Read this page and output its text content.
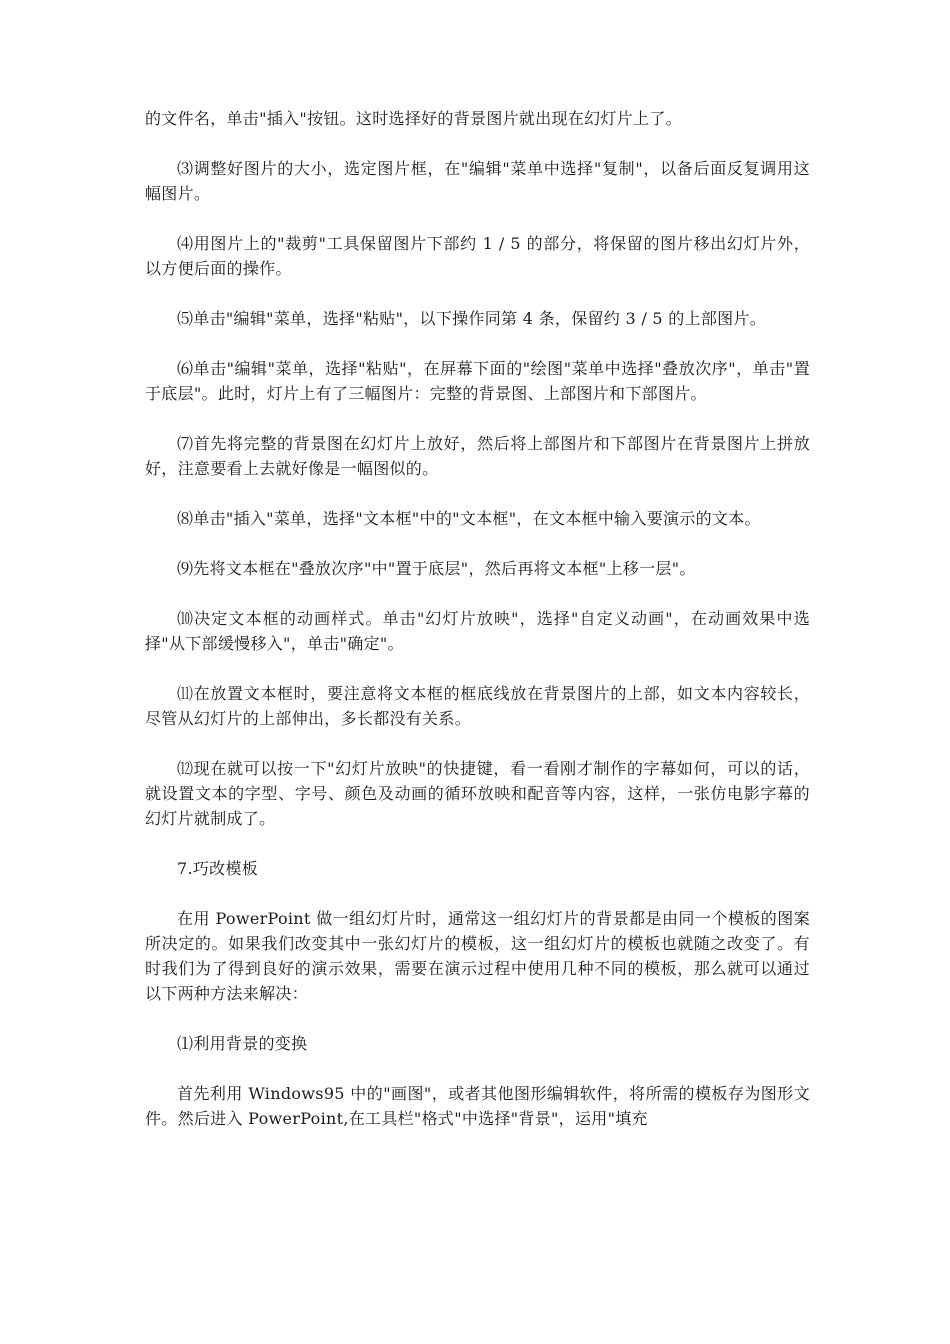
的文件名，单击"插入"按钮。这时选择好的背景图片就出现在幻灯片上了。

⑶调整好图片的大小，选定图片框，在"编辑"菜单中选择"复制"，以备后面反复调用这幅图片。

⑷用图片上的"裁剪"工具保留图片下部约 1 / 5 的部分，将保留的图片移出幻灯片外，以方便后面的操作。

⑸单击"编辑"菜单，选择"粘贴"，以下操作同第 4 条，保留约 3 / 5 的上部图片。

⑹单击"编辑"菜单，选择"粘贴"，在屏幕下面的"绘图"菜单中选择"叠放次序"，单击"置于底层"。此时，灯片上有了三幅图片：完整的背景图、上部图片和下部图片。

⑺首先将完整的背景图在幻灯片上放好，然后将上部图片和下部图片在背景图片上拼放好，注意要看上去就好像是一幅图似的。

⑻单击"插入"菜单，选择"文本框"中的"文本框"，在文本框中输入要演示的文本。

⑼先将文本框在"叠放次序"中"置于底层"，然后再将文本框"上移一层"。

⑽决定文本框的动画样式。单击"幻灯片放映"，选择"自定义动画"，在动画效果中选择"从下部缓慢移入"，单击"确定"。

⑾在放置文本框时，要注意将文本框的框底线放在背景图片的上部，如文本内容较长，尽管从幻灯片的上部伸出，多长都没有关系。

⑿现在就可以按一下"幻灯片放映"的快捷键，看一看刚才制作的字幕如何，可以的话，就设置文本的字型、字号、颜色及动画的循环放映和配音等内容，这样，一张仿电影字幕的幻灯片就制成了。

7.巧改模板

在用 PowerPoint 做一组幻灯片时，通常这一组幻灯片的背景都是由同一个模板的图案所决定的。如果我们改变其中一张幻灯片的模板，这一组幻灯片的模板也就随之改变了。有时我们为了得到良好的演示效果，需要在演示过程中使用几种不同的模板，那么就可以通过以下两种方法来解决：

⑴利用背景的变换

首先利用 Windows95 中的"画图"，或者其他图形编辑软件，将所需的模板存为图形文件。然后进入 PowerPoint,在工具栏"格式"中选择"背景"，运用"填充
